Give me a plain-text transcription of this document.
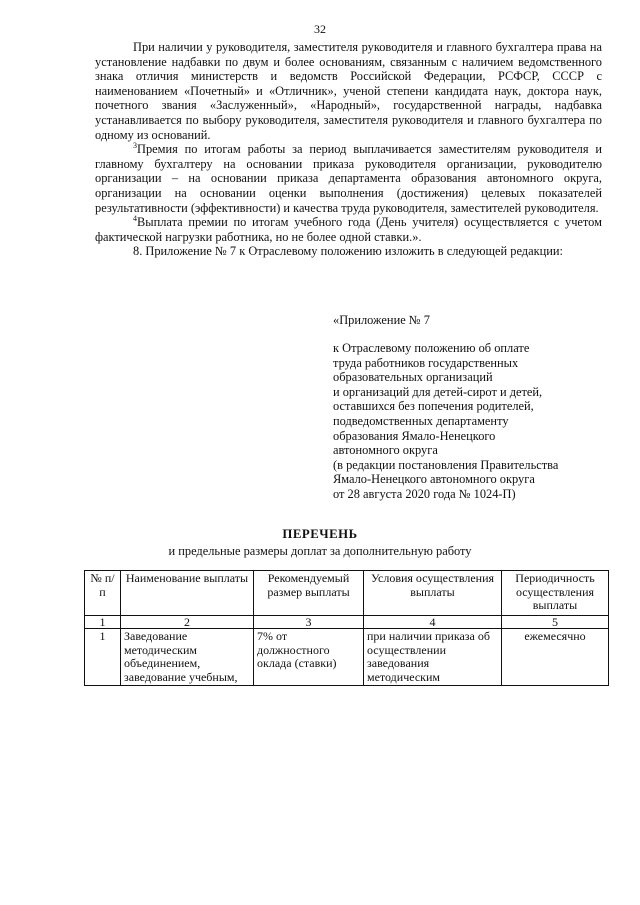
32

При наличии у руководителя, заместителя руководителя и главного бухгалтера права на установление надбавки по двум и более основаниям, связанным с наличием ведомственного знака отличия министерств и ведомств Российской Федерации, РСФСР, СССР с наименованием «Почетный» и «Отличник», ученой степени кандидата наук, доктора наук, почетного звания «Заслуженный», «Народный», государственной награды, надбавка устанавливается по выбору руководителя, заместителя руководителя и главного бухгалтера по одному из оснований.

$^3$Премия по итогам работы за период выплачивается заместителям руководителя и главному бухгалтеру на основании приказа руководителя организации, руководителю организации – на основании приказа департамента образования автономного округа, организации на основании оценки выполнения (достижения) целевых показателей результативности (эффективности) и качества труда руководителя, заместителей руководителя.

$^4$Выплата премии по итогам учебного года (День учителя) осуществляется с учетом фактической нагрузки работника, но не более одной ставки.».

8. Приложение № 7 к Отраслевому положению изложить в следующей редакции:

«Приложение № 7
к Отраслевому положению об оплате
труда работников государственных
образовательных организаций
и организаций для детей-сирот и детей,
оставшихся без попечения родителей,
подведомственных департаменту
образования Ямало-Ненецкого
автономного округа
(в редакции постановления Правительства
Ямало-Ненецкого автономного округа
от 28 августа 2020 года № 1024-П)
ПЕРЕЧЕНЬ
и предельные размеры доплат за дополнительную работу
№ п/п	Наименование выплаты	Рекомендуемый размер выплаты	Условия осуществления выплаты	Периодичность осуществления выплаты
1	2	3	4	5
1	Заведование методическим объединением, заведование учебным,	7% от должностного оклада (ставки)	при наличии приказа об осуществлении заведования методическим	ежемесячно
